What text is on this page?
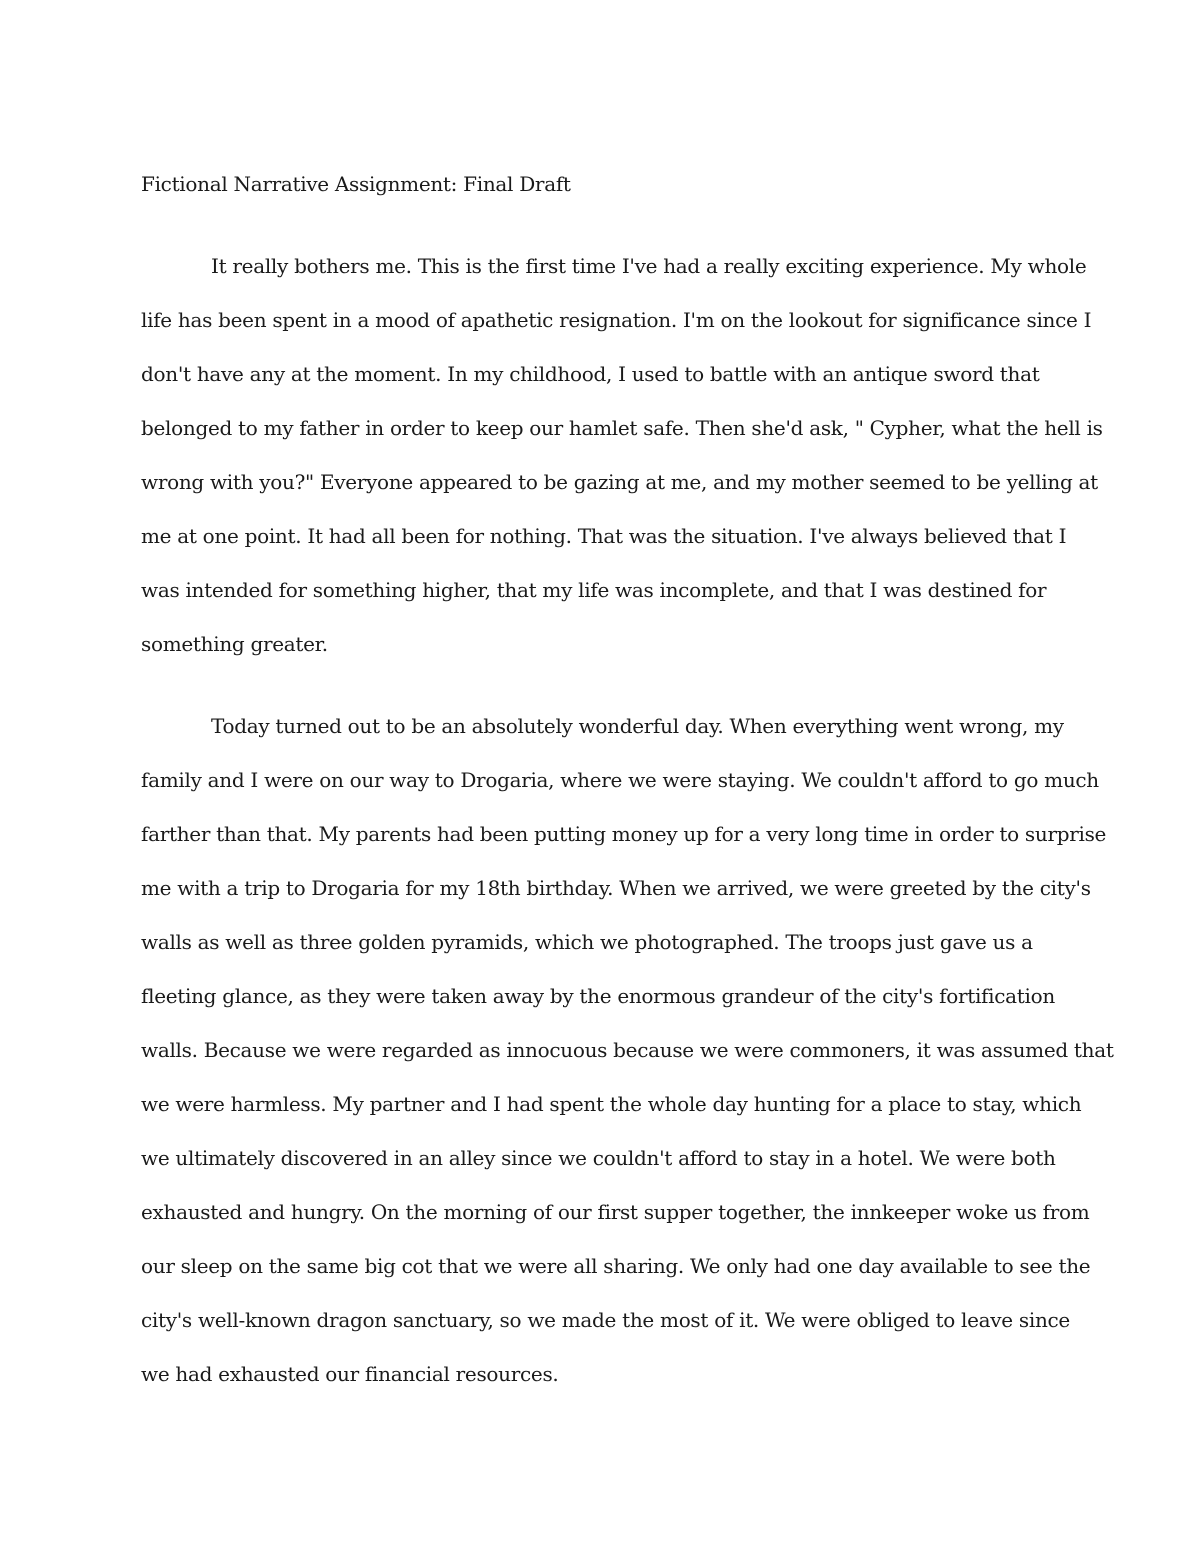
Fictional Narrative Assignment: Final Draft
It really bothers me. This is the first time I've had a really exciting experience. My whole
life has been spent in a mood of apathetic resignation. I'm on the lookout for significance since I
don't have any at the moment. In my childhood, I used to battle with an antique sword that
belonged to my father in order to keep our hamlet safe. Then she'd ask, " Cypher, what the hell is
wrong with you?" Everyone appeared to be gazing at me, and my mother seemed to be yelling at
me at one point. It had all been for nothing. That was the situation. I've always believed that I
was intended for something higher, that my life was incomplete, and that I was destined for
something greater.
Today turned out to be an absolutely wonderful day. When everything went wrong, my
family and I were on our way to Drogaria, where we were staying. We couldn't afford to go much
farther than that. My parents had been putting money up for a very long time in order to surprise
me with a trip to Drogaria for my 18th birthday. When we arrived, we were greeted by the city's
walls as well as three golden pyramids, which we photographed. The troops just gave us a
fleeting glance, as they were taken away by the enormous grandeur of the city's fortification
walls. Because we were regarded as innocuous because we were commoners, it was assumed that
we were harmless. My partner and I had spent the whole day hunting for a place to stay, which
we ultimately discovered in an alley since we couldn't afford to stay in a hotel. We were both
exhausted and hungry. On the morning of our first supper together, the innkeeper woke us from
our sleep on the same big cot that we were all sharing. We only had one day available to see the
city's well-known dragon sanctuary, so we made the most of it. We were obliged to leave since
we had exhausted our financial resources.
